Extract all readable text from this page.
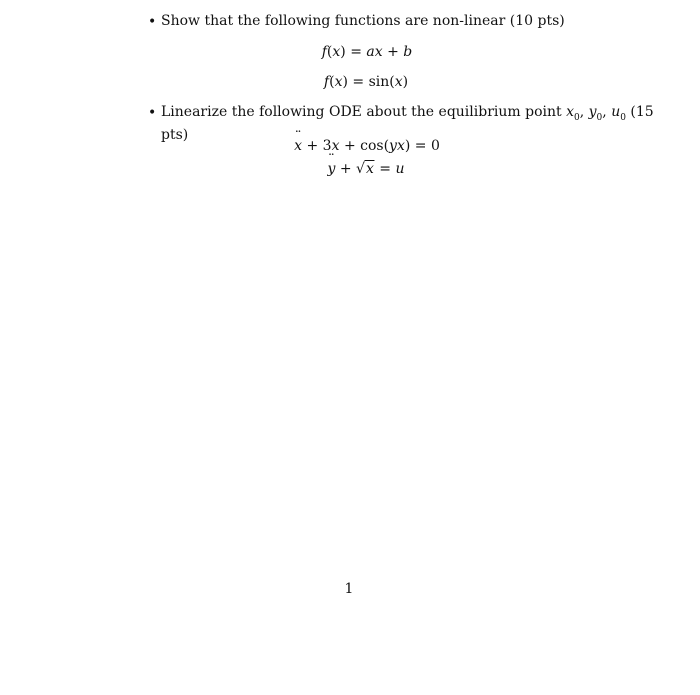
• Show that the following functions are non-linear (10 pts)
f(x) = ax + b
f(x) = sin(x)
• Linearize the following ODE about the equilibrium point $x_0$, $y_0$, $u_0$ (15
pts)
x ¨ + 3x + cos(yx) = 0
y ¨ + √x = u
1
